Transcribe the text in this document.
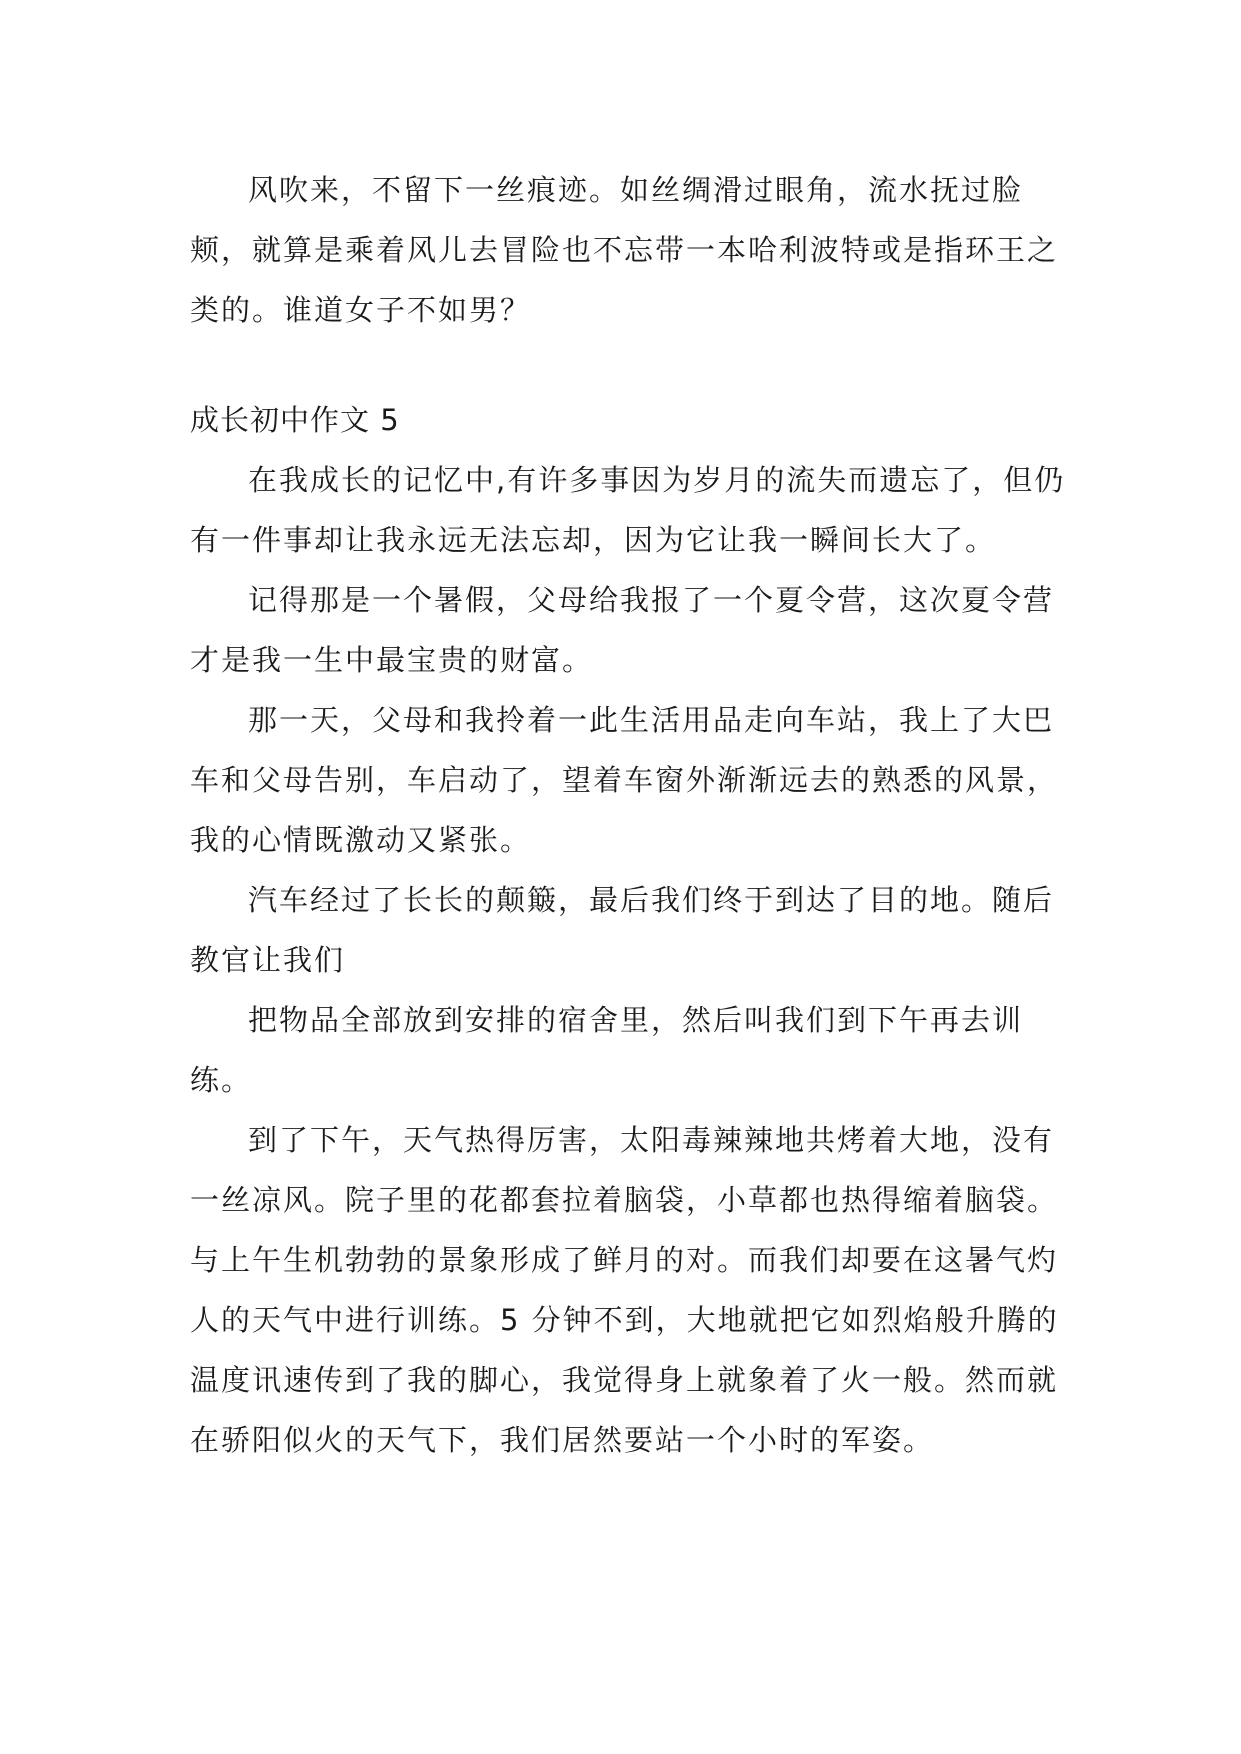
风吹来，不留下一丝痕迹。如丝绸滑过眼角，流水抚过脸颊，就算是乘着风儿去冒险也不忘带一本哈利波特或是指环王之类的。谁道女子不如男？

成长初中作文 5

在我成长的记忆中,有许多事因为岁月的流失而遗忘了，但仍有一件事却让我永远无法忘却，因为它让我一瞬间长大了。

记得那是一个暑假，父母给我报了一个夏令营，这次夏令营才是我一生中最宝贵的财富。

那一天，父母和我拎着一此生活用品走向车站，我上了大巴车和父母告别，车启动了，望着车窗外渐渐远去的熟悉的风景，我的心情既激动又紧张。

汽车经过了长长的颠簸，最后我们终于到达了目的地。随后教官让我们

把物品全部放到安排的宿舍里，然后叫我们到下午再去训练。

到了下午，天气热得厉害，太阳毒辣辣地共烤着大地，没有一丝凉风。院子里的花都套拉着脑袋，小草都也热得缩着脑袋。与上午生机勃勃的景象形成了鲜月的对。而我们却要在这暑气灼人的天气中进行训练。5 分钟不到，大地就把它如烈焰般升腾的温度讯速传到了我的脚心，我觉得身上就象着了火一般。然而就在骄阳似火的天气下，我们居然要站一个小时的军姿。
